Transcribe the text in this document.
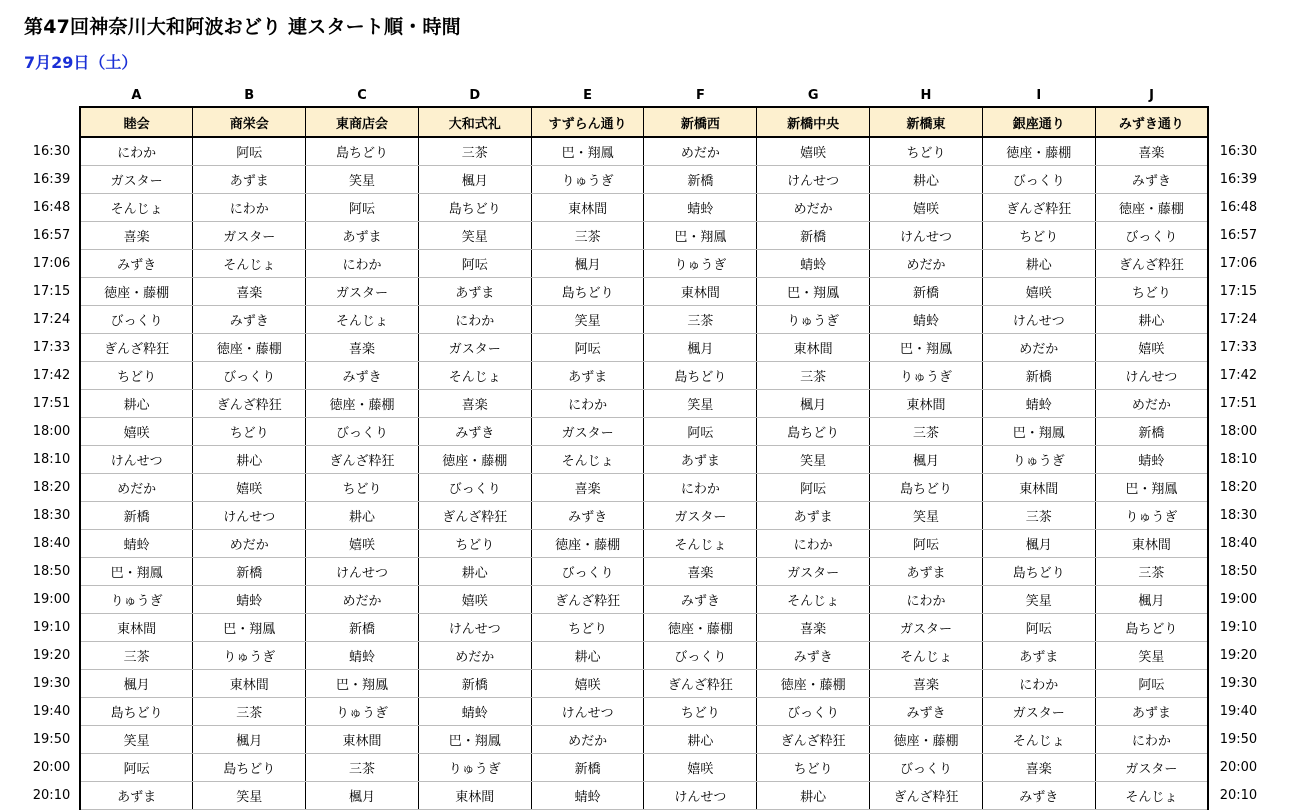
第47回神奈川大和阿波おどり 連スタート順・時間
7月29日（土）
	A	B	C	D	E	F	G	H	I	J	
	睦会	商栄会	東商店会	大和式礼	すずらん通り	新橋西	新橋中央	新橋東	銀座通り	みずき通り	
16:30	にわか	阿呍	島ちどり	三茶	巴・翔鳳	めだか	嬉咲	ちどり	徳座・藤棚	喜楽	16:30
16:39	ガスター	あずま	笑星	楓月	りゅうぎ	新橋	けんせつ	耕心	びっくり	みずき	16:39
16:48	そんじょ	にわか	阿呍	島ちどり	東林間	蜻蛉	めだか	嬉咲	ぎんざ粋狂	徳座・藤棚	16:48
16:57	喜楽	ガスター	あずま	笑星	三茶	巴・翔鳳	新橋	けんせつ	ちどり	びっくり	16:57
17:06	みずき	そんじょ	にわか	阿呍	楓月	りゅうぎ	蜻蛉	めだか	耕心	ぎんざ粋狂	17:06
17:15	徳座・藤棚	喜楽	ガスター	あずま	島ちどり	東林間	巴・翔鳳	新橋	嬉咲	ちどり	17:15
17:24	びっくり	みずき	そんじょ	にわか	笑星	三茶	りゅうぎ	蜻蛉	けんせつ	耕心	17:24
17:33	ぎんざ粋狂	徳座・藤棚	喜楽	ガスター	阿呍	楓月	東林間	巴・翔鳳	めだか	嬉咲	17:33
17:42	ちどり	びっくり	みずき	そんじょ	あずま	島ちどり	三茶	りゅうぎ	新橋	けんせつ	17:42
17:51	耕心	ぎんざ粋狂	徳座・藤棚	喜楽	にわか	笑星	楓月	東林間	蜻蛉	めだか	17:51
18:00	嬉咲	ちどり	びっくり	みずき	ガスター	阿呍	島ちどり	三茶	巴・翔鳳	新橋	18:00
18:10	けんせつ	耕心	ぎんざ粋狂	徳座・藤棚	そんじょ	あずま	笑星	楓月	りゅうぎ	蜻蛉	18:10
18:20	めだか	嬉咲	ちどり	びっくり	喜楽	にわか	阿呍	島ちどり	東林間	巴・翔鳳	18:20
18:30	新橋	けんせつ	耕心	ぎんざ粋狂	みずき	ガスター	あずま	笑星	三茶	りゅうぎ	18:30
18:40	蜻蛉	めだか	嬉咲	ちどり	徳座・藤棚	そんじょ	にわか	阿呍	楓月	東林間	18:40
18:50	巴・翔鳳	新橋	けんせつ	耕心	びっくり	喜楽	ガスター	あずま	島ちどり	三茶	18:50
19:00	りゅうぎ	蜻蛉	めだか	嬉咲	ぎんざ粋狂	みずき	そんじょ	にわか	笑星	楓月	19:00
19:10	東林間	巴・翔鳳	新橋	けんせつ	ちどり	徳座・藤棚	喜楽	ガスター	阿呍	島ちどり	19:10
19:20	三茶	りゅうぎ	蜻蛉	めだか	耕心	びっくり	みずき	そんじょ	あずま	笑星	19:20
19:30	楓月	東林間	巴・翔鳳	新橋	嬉咲	ぎんざ粋狂	徳座・藤棚	喜楽	にわか	阿呍	19:30
19:40	島ちどり	三茶	りゅうぎ	蜻蛉	けんせつ	ちどり	びっくり	みずき	ガスター	あずま	19:40
19:50	笑星	楓月	東林間	巴・翔鳳	めだか	耕心	ぎんざ粋狂	徳座・藤棚	そんじょ	にわか	19:50
20:00	阿呍	島ちどり	三茶	りゅうぎ	新橋	嬉咲	ちどり	びっくり	喜楽	ガスター	20:00
20:10	あずま	笑星	楓月	東林間	蜻蛉	けんせつ	耕心	ぎんざ粋狂	みずき	そんじょ	20:10
